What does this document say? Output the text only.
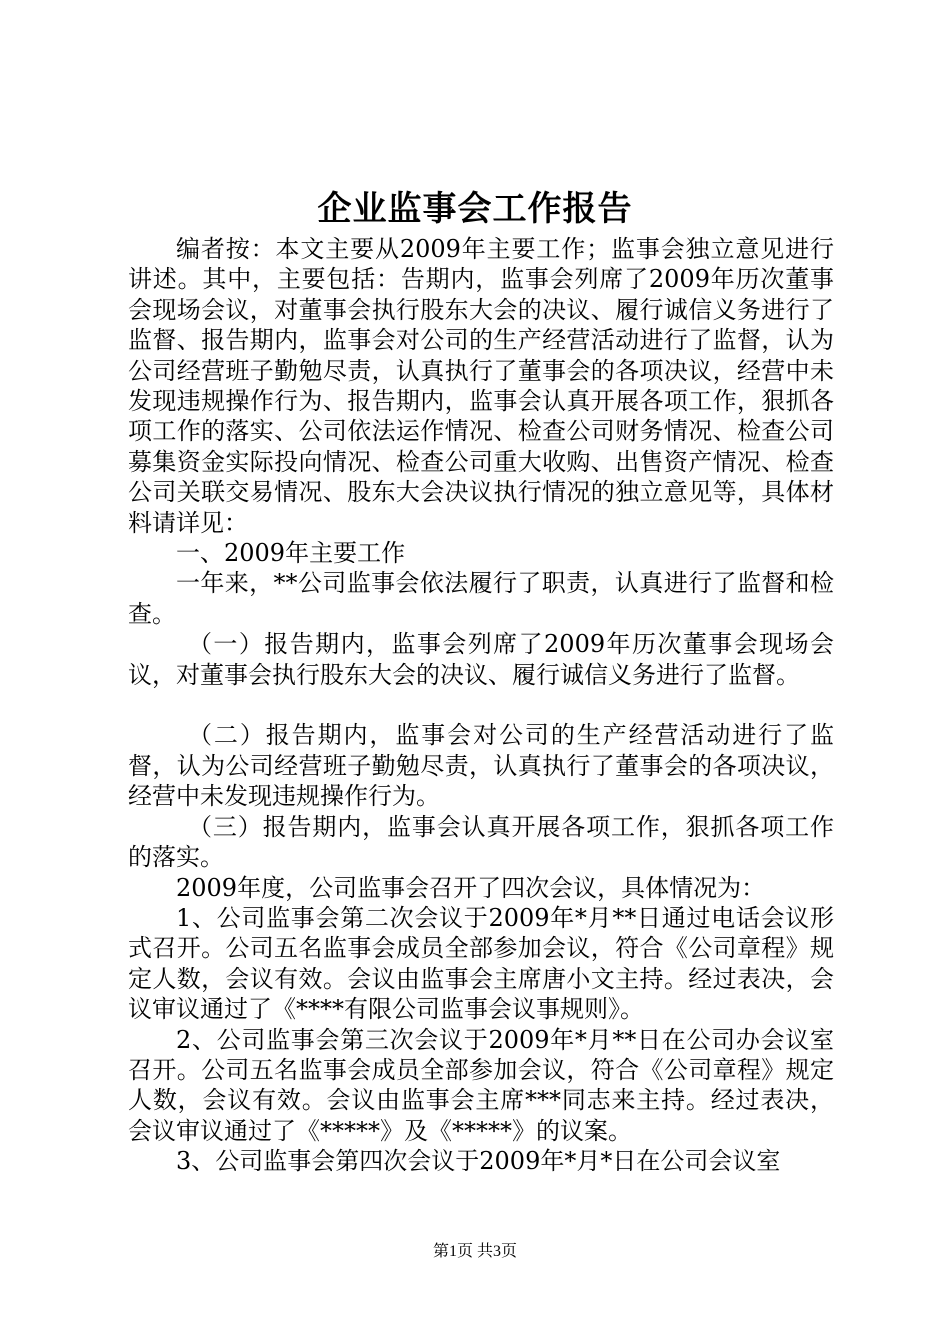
企业监事会工作报告

编者按：本文主要从2009年主要工作；监事会独立意见进行讲述。其中，主要包括：告期内，监事会列席了2009年历次董事会现场会议，对董事会执行股东大会的决议、履行诚信义务进行了监督、报告期内，监事会对公司的生产经营活动进行了监督，认为公司经营班子勤勉尽责，认真执行了董事会的各项决议，经营中未发现违规操作行为、报告期内，监事会认真开展各项工作，狠抓各项工作的落实、公司依法运作情况、检查公司财务情况、检查公司募集资金实际投向情况、检查公司重大收购、出售资产情况、检查公司关联交易情况、股东大会决议执行情况的独立意见等，具体材料请详见：

一、2009年主要工作

一年来，**公司监事会依法履行了职责，认真进行了监督和检查。

（一）报告期内，监事会列席了2009年历次董事会现场会议，对董事会执行股东大会的决议、履行诚信义务进行了监督。

（二）报告期内，监事会对公司的生产经营活动进行了监督，认为公司经营班子勤勉尽责，认真执行了董事会的各项决议，经营中未发现违规操作行为。

（三）报告期内，监事会认真开展各项工作，狠抓各项工作的落实。

2009年度，公司监事会召开了四次会议，具体情况为：

1、公司监事会第二次会议于2009年*月**日通过电话会议形式召开。公司五名监事会成员全部参加会议，符合《公司章程》规定人数，会议有效。会议由监事会主席唐小文主持。经过表决，会议审议通过了《****有限公司监事会议事规则》。

2、公司监事会第三次会议于2009年*月**日在公司办会议室召开。公司五名监事会成员全部参加会议，符合《公司章程》规定人数，会议有效。会议由监事会主席***同志来主持。经过表决，会议审议通过了《*****》及《*****》的议案。

3、公司监事会第四次会议于2009年*月*日在公司会议室

第1页 共3页
